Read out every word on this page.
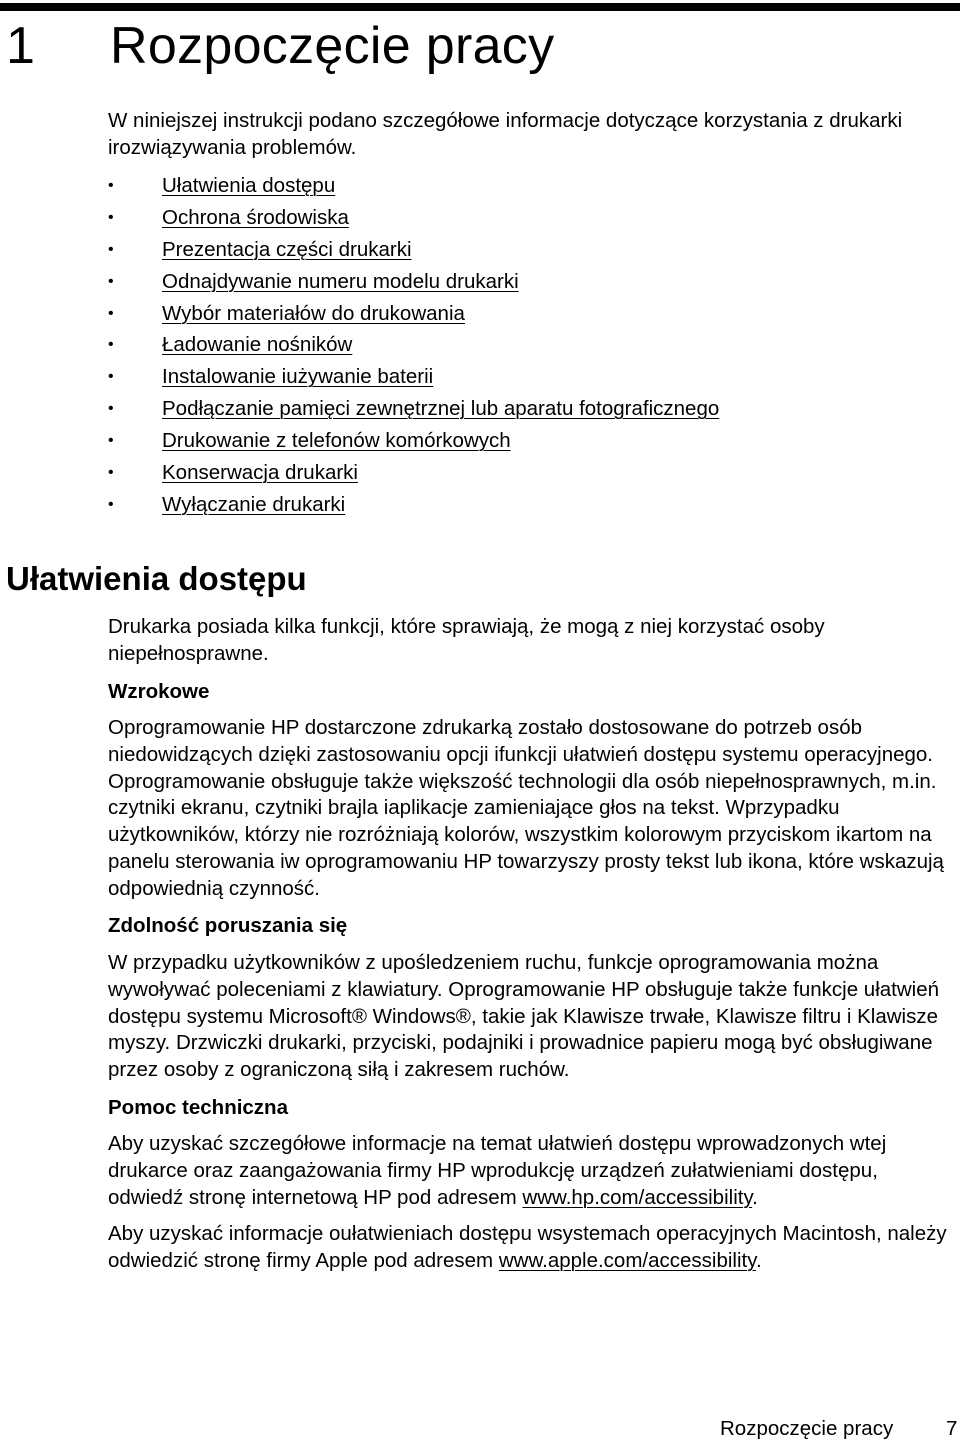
1 Rozpoczęcie pracy

W niniejszej instrukcji podano szczegółowe informacje dotyczące korzystania z drukarki irozwiązywania problemów.

• Ułatwienia dostępu
• Ochrona środowiska
• Prezentacja części drukarki
• Odnajdywanie numeru modelu drukarki
• Wybór materiałów do drukowania
• Ładowanie nośników
• Instalowanie iużywanie baterii
• Podłączanie pamięci zewnętrznej lub aparatu fotograficznego
• Drukowanie z telefonów komórkowych
• Konserwacja drukarki
• Wyłączanie drukarki
Ułatwienia dostępu

Drukarka posiada kilka funkcji, które sprawiają, że mogą z niej korzystać osoby niepełnosprawne.

Wzrokowe

Oprogramowanie HP dostarczone zdrukarką zostało dostosowane do potrzeb osób niedowidzących dzięki zastosowaniu opcji ifunkcji ułatwień dostępu systemu operacyjnego. Oprogramowanie obsługuje także większość technologii dla osób niepełnosprawnych, m.in. czytniki ekranu, czytniki brajla iaplikacje zamieniające głos na tekst. Wprzypadku użytkowników, którzy nie rozróżniają kolorów, wszystkim kolorowym przyciskom ikartom na panelu sterowania iw oprogramowaniu HP towarzyszy prosty tekst lub ikona, które wskazują odpowiednią czynność.

Zdolność poruszania się

W przypadku użytkowników z upośledzeniem ruchu, funkcje oprogramowania można wywoływać poleceniami z klawiatury. Oprogramowanie HP obsługuje także funkcje ułatwień dostępu systemu Microsoft® Windows®, takie jak Klawisze trwałe, Klawisze filtru i Klawisze myszy. Drzwiczki drukarki, przyciski, podajniki i prowadnice papieru mogą być obsługiwane przez osoby z ograniczoną siłą i zakresem ruchów.

Pomoc techniczna

Aby uzyskać szczegółowe informacje na temat ułatwień dostępu wprowadzonych wtej drukarce oraz zaangażowania firmy HP wprodukcję urządzeń zułatwieniami dostępu, odwiedź stronę internetową HP pod adresem www.hp.com/accessibility.

Aby uzyskać informacje oułatwieniach dostępu wsystemach operacyjnych Macintosh, należy odwiedzić stronę firmy Apple pod adresem www.apple.com/accessibility.

Rozpoczęcie pracy	7
